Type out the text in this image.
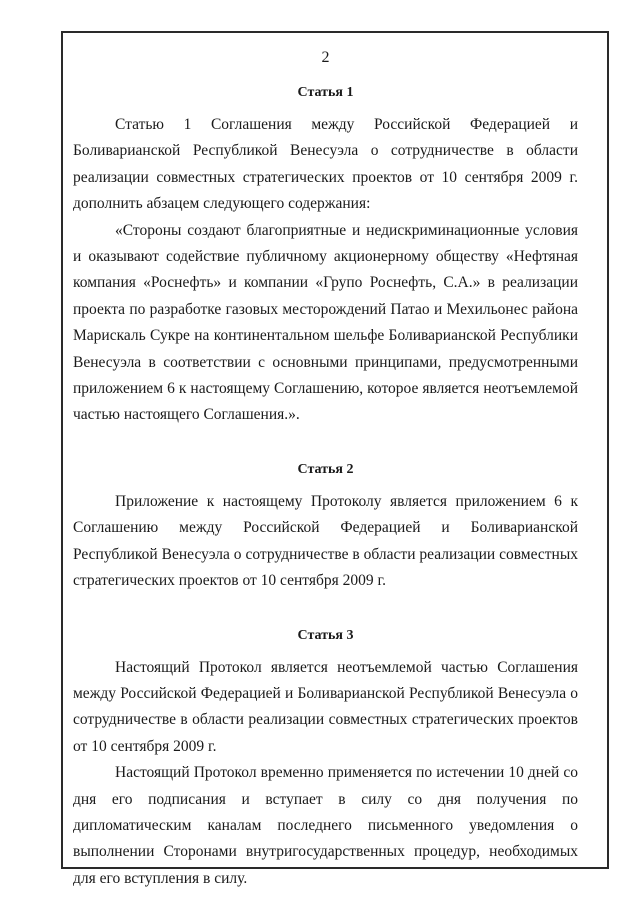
2
Статья 1

Статью 1 Соглашения между Российской Федерацией и Боливарианской Республикой Венесуэла о сотрудничестве в области реализации совместных стратегических проектов от 10 сентября 2009 г. дополнить абзацем следующего содержания:

«Стороны создают благоприятные и недискриминационные условия и оказывают содействие публичному акционерному обществу «Нефтяная компания «Роснефть» и компании «Групо Роснефть, С.А.» в реализации проекта по разработке газовых месторождений Патао и Мехильонес района Марискаль Сукре на континентальном шельфе Боливарианской Республики Венесуэла в соответствии с основными принципами, предусмотренными приложением 6 к настоящему Соглашению, которое является неотъемлемой частью настоящего Соглашения.».

Статья 2

Приложение к настоящему Протоколу является приложением 6 к Соглашению между Российской Федерацией и Боливарианской Республикой Венесуэла о сотрудничестве в области реализации совместных стратегических проектов от 10 сентября 2009 г.

Статья 3

Настоящий Протокол является неотъемлемой частью Соглашения между Российской Федерацией и Боливарианской Республикой Венесуэла о сотрудничестве в области реализации совместных стратегических проектов от 10 сентября 2009 г.

Настоящий Протокол временно применяется по истечении 10 дней со дня его подписания и вступает в силу со дня получения по дипломатическим каналам последнего письменного уведомления о выполнении Сторонами внутригосударственных процедур, необходимых для его вступления в силу.
